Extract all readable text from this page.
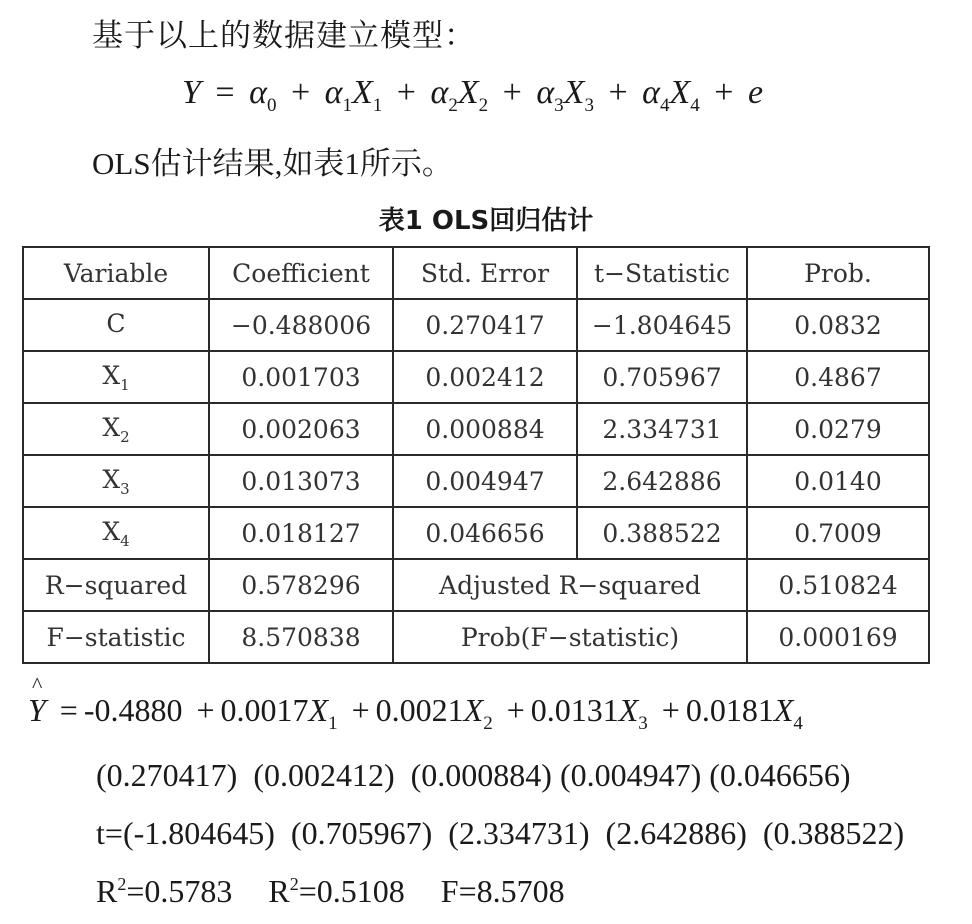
基于以上的数据建立模型：
$Y = \alpha_0 + \alpha_1X_1 + \alpha_2X_2 + \alpha_3X_3 + \alpha_4X_4 + e$
OLS估计结果,如表1所示。
表1 OLS回归估计
Variable	Coefficient	Std. Error	t−Statistic	Prob.
C	−0.488006	0.270417	−1.804645	0.0832
$X_1$	0.001703	0.002412	0.705967	0.4867
$X_2$	0.002063	0.000884	2.334731	0.0279
$X_3$	0.013073	0.004947	2.642886	0.0140
$X_4$	0.018127	0.046656	0.388522	0.7009
R−squared	0.578296	Adjusted R−squared		0.510824
F−statistic	8.570838	Prob(F−statistic)		0.000169
^ $Y = -0.4880 + 0.0017X_1 + 0.0021X_2 + 0.0131X_3 + 0.0181X_4$
(0.270417)  (0.002412)  (0.000884) (0.004947) (0.046656)
t=(-1.804645)  (0.705967)  (2.334731)  (2.642886)  (0.388522)
$R^2=0.5783$ $R^2=0.5108$ F=8.5708
